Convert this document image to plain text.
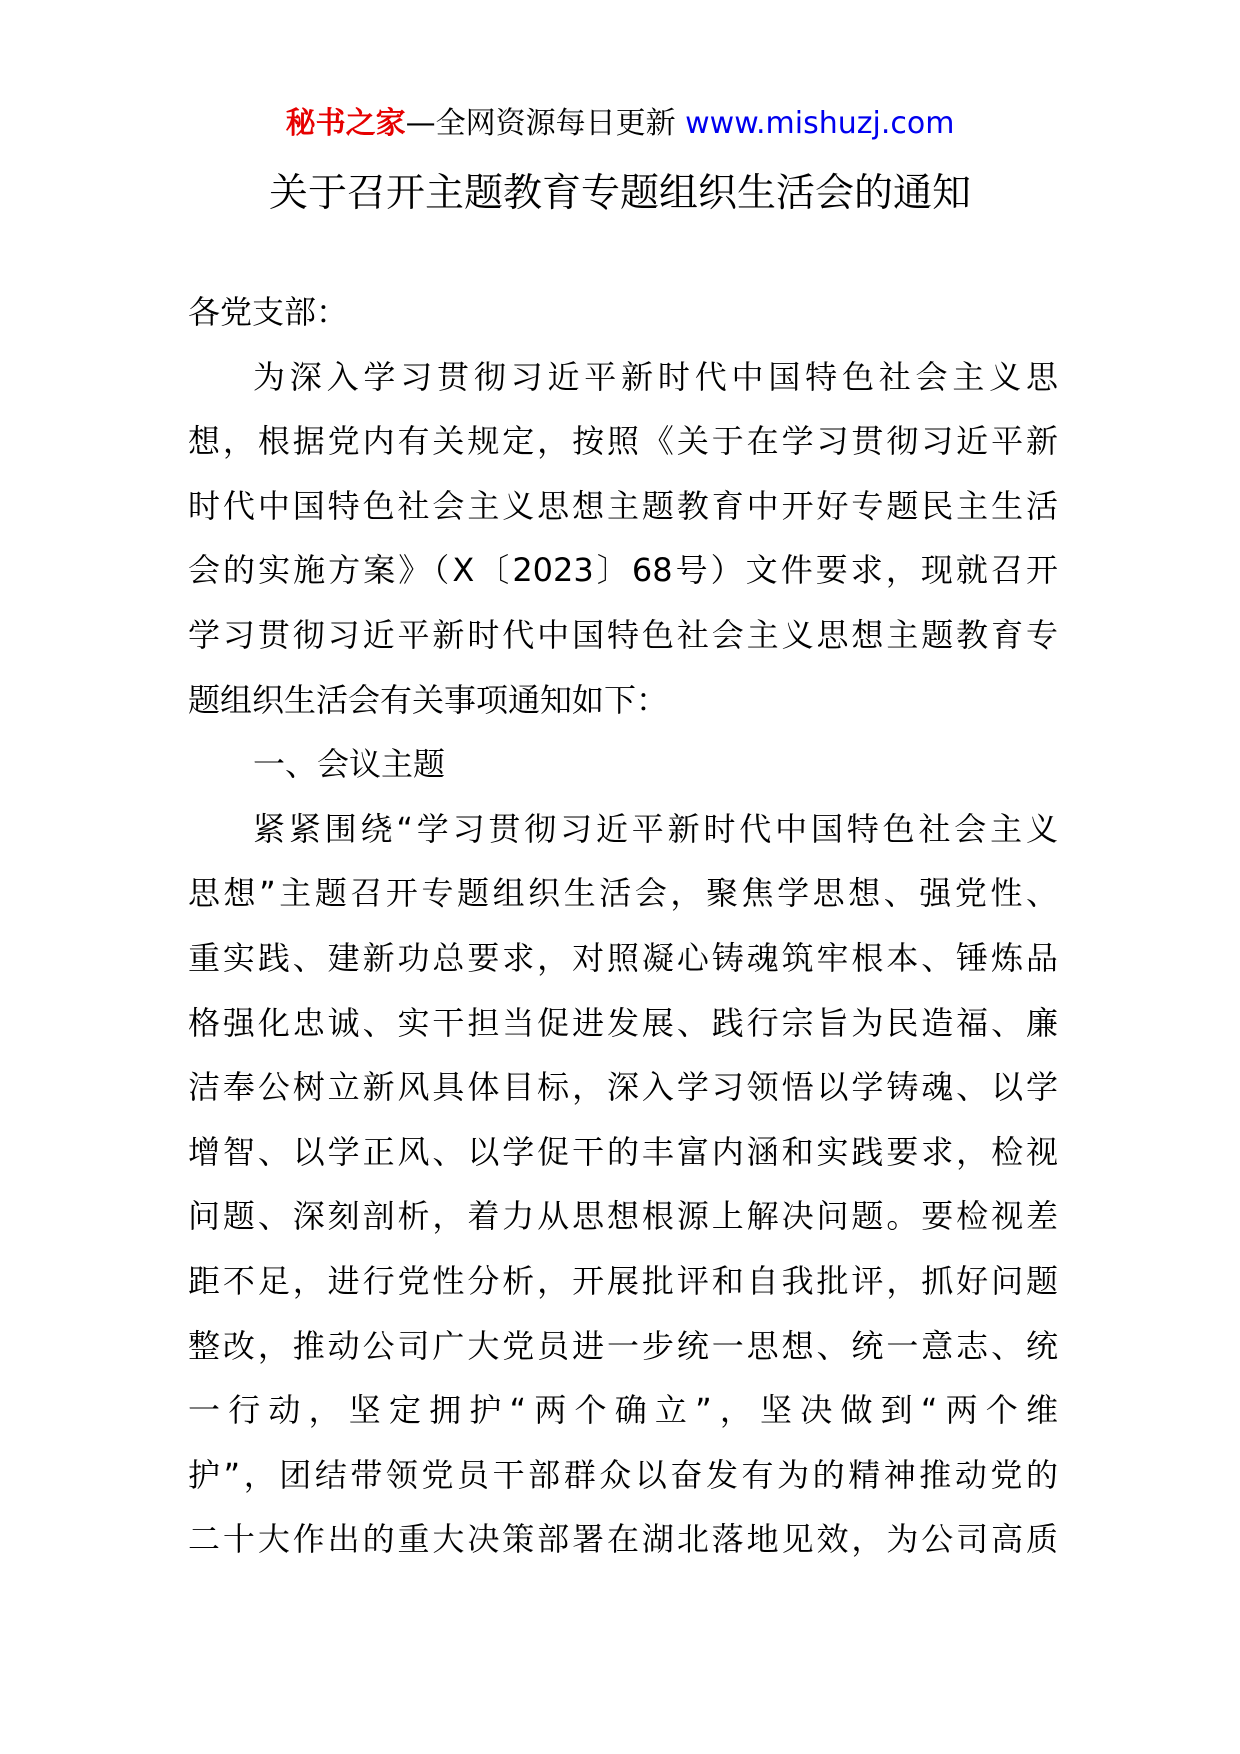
秘书之家—全网资源每日更新 www.mishuzj.com
关于召开主题教育专题组织生活会的通知
各党支部：
为深入学习贯彻习近平新时代中国特色社会主义思
想，根据党内有关规定，按照《关于在学习贯彻习近平新
时代中国特色社会主义思想主题教育中开好专题民主生活
会的实施方案》（X〔2023〕68号）文件要求，现就召开
学习贯彻习近平新时代中国特色社会主义思想主题教育专
题组织生活会有关事项通知如下：
一、会议主题
紧紧围绕“学习贯彻习近平新时代中国特色社会主义
思想”主题召开专题组织生活会，聚焦学思想、强党性、
重实践、建新功总要求，对照凝心铸魂筑牢根本、锤炼品
格强化忠诚、实干担当促进发展、践行宗旨为民造福、廉
洁奉公树立新风具体目标，深入学习领悟以学铸魂、以学
增智、以学正风、以学促干的丰富内涵和实践要求，检视
问题、深刻剖析，着力从思想根源上解决问题。要检视差
距不足，进行党性分析，开展批评和自我批评，抓好问题
整改，推动公司广大党员进一步统一思想、统一意志、统
一行动，坚定拥护“两个确立”，坚决做到“两个维
护”，团结带领党员干部群众以奋发有为的精神推动党的
二十大作出的重大决策部署在湖北落地见效，为公司高质
